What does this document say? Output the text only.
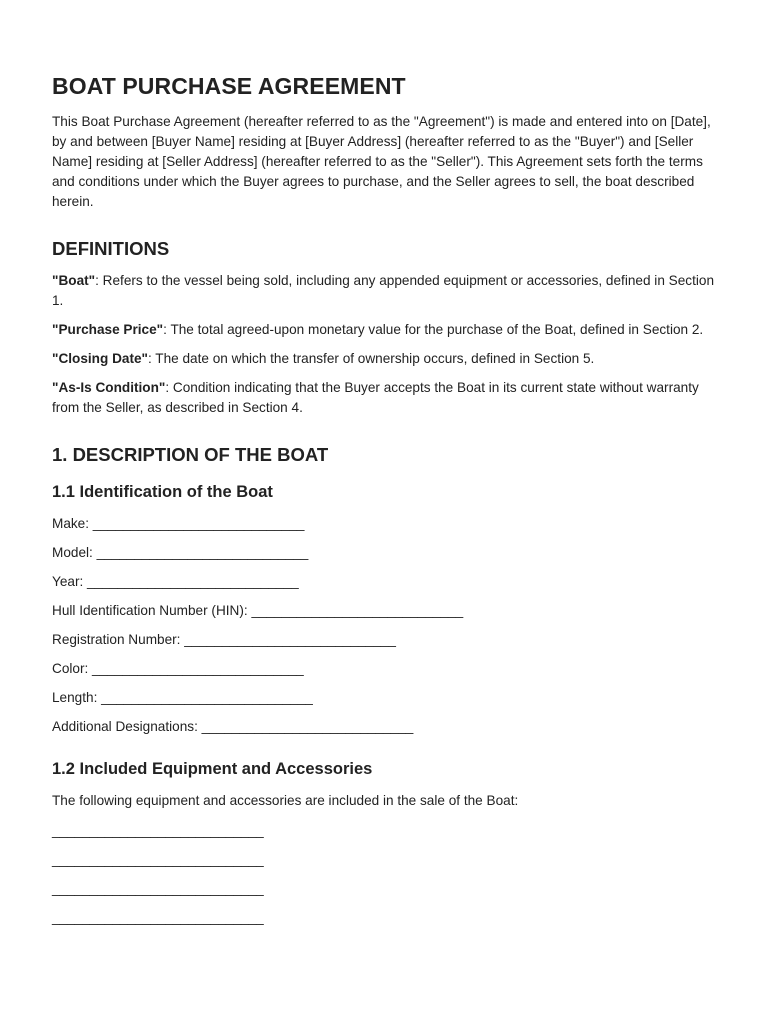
BOAT PURCHASE AGREEMENT

This Boat Purchase Agreement (hereafter referred to as the "Agreement") is made and entered into on [Date], by and between [Buyer Name] residing at [Buyer Address] (hereafter referred to as the "Buyer") and [Seller Name] residing at [Seller Address] (hereafter referred to as the "Seller"). This Agreement sets forth the terms and conditions under which the Buyer agrees to purchase, and the Seller agrees to sell, the boat described herein.

DEFINITIONS

"Boat": Refers to the vessel being sold, including any appended equipment or accessories, defined in Section 1.

"Purchase Price": The total agreed-upon monetary value for the purchase of the Boat, defined in Section 2.

"Closing Date": The date on which the transfer of ownership occurs, defined in Section 5.

"As-Is Condition": Condition indicating that the Buyer accepts the Boat in its current state without warranty from the Seller, as described in Section 4.

1. DESCRIPTION OF THE BOAT
1.1 Identification of the Boat

Make: ____________________________

Model: ____________________________

Year: ____________________________

Hull Identification Number (HIN): ____________________________

Registration Number: ____________________________

Color: ____________________________

Length: ____________________________

Additional Designations: ____________________________

1.2 Included Equipment and Accessories

The following equipment and accessories are included in the sale of the Boat:

____________________________

____________________________

____________________________

____________________________
